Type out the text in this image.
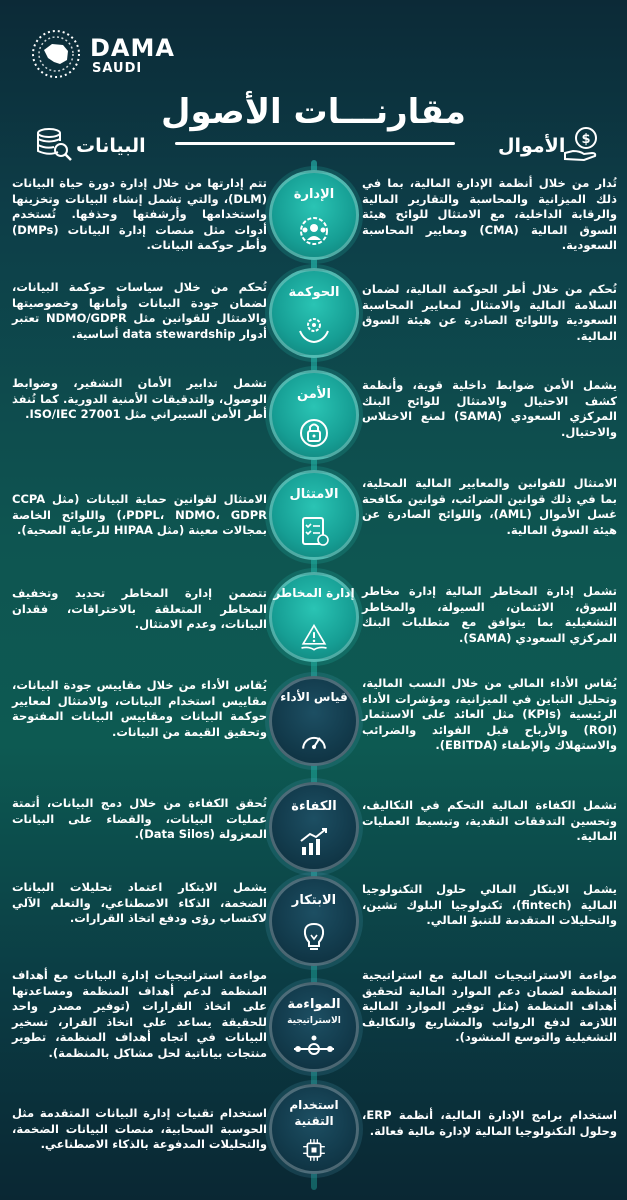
DAMA
SAUDI
مقارنـــات الأصول
الأموال $
البيانات
تُدار من خلال أنظمة الإدارة المالية، بما في ذلك الميزانية والمحاسبة والتقارير المالية والرقابة الداخلية، مع الامتثال للوائح هيئة السوق المالية (CMA) ومعايير المحاسبة السعودية.
الإدارة
تتم إدارتها من خلال إدارة دورة حياة البيانات (DLM)، والتي تشمل إنشاء البيانات وتخزينها واستخدامها وأرشفتها وحذفها. تُستخدم أدوات مثل منصات إدارة البيانات (DMPs) وأطر حوكمة البيانات.
تُحكم من خلال أطر الحوكمة المالية، لضمان السلامة المالية والامتثال لمعايير المحاسبة السعودية واللوائح الصادرة عن هيئة السوق المالية.
الحوكمة
تُحكم من خلال سياسات حوكمة البيانات، لضمان جودة البيانات وأمانها وخصوصيتها والامتثال للقوانين مثل NDMO/GDPR تعتبر أدوار data stewardship أساسية.
يشمل الأمن ضوابط داخلية قوية، وأنظمة كشف الاحتيال والامتثال للوائح البنك المركزي السعودي (SAMA) لمنع الاختلاس والاحتيال.
الأمن
تشمل تدابير الأمان التشفير، وضوابط الوصول، والتدقيقات الأمنية الدورية. كما تُنفذ أطر الأمن السيبراني مثل ISO/IEC 27001.
الامتثال للقوانين والمعايير المالية المحلية، بما في ذلك قوانين الضرائب، قوانين مكافحة غسل الأموال (AML)، واللوائح الصادرة عن هيئة السوق المالية.
الامتثال
الامتثال لقوانين حماية البيانات (مثل CCPA ،PDPL، NDMO، GDPR) واللوائح الخاصة بمجالات معينة (مثل HIPAA للرعاية الصحية).
تشمل إدارة المخاطر المالية إدارة مخاطر السوق، الائتمان، السيولة، والمخاطر التشغيلية بما يتوافق مع متطلبات البنك المركزي السعودي (SAMA).
إدارة المخاطر
تتضمن إدارة المخاطر تحديد وتخفيف المخاطر المتعلقة بالاختراقات، فقدان البيانات، وعدم الامتثال.
يُقاس الأداء المالي من خلال النسب المالية، وتحليل التباين في الميزانية، ومؤشرات الأداء الرئيسية (KPIs) مثل العائد على الاستثمار (ROI) والأرباح قبل الفوائد والضرائب والاستهلاك والإطفاء (EBITDA).
قياس الأداء
يُقاس الأداء من خلال مقاييس جودة البيانات، مقاييس استخدام البيانات، والامتثال لمعايير حوكمة البيانات ومقاييس البيانات المفتوحة وتحقيق القيمة من البيانات.
تشمل الكفاءة المالية التحكم في التكاليف، وتحسين التدفقات النقدية، وتبسيط العمليات المالية.
الكفاءة
تُحقق الكفاءة من خلال دمج البيانات، أتمتة عمليات البيانات، والقضاء على البيانات المعزولة (Data Silos).
يشمل الابتكار المالي حلول التكنولوجيا المالية (fintech)، تكنولوجيا البلوك تشين، والتحليلات المتقدمة للتنبؤ المالي.
الابتكار
يشمل الابتكار اعتماد تحليلات البيانات الضخمة، الذكاء الاصطناعي، والتعلم الآلي لاكتساب رؤى ودفع اتخاذ القرارات.
مواءمة الاستراتيجيات المالية مع استراتيجية المنظمة لضمان دعم الموارد المالية لتحقيق أهداف المنظمة (مثل توفير الموارد المالية اللازمة لدفع الرواتب والمشاريع والتكاليف التشغيلية والتوسع المنشود).
المواءمة
الاستراتيجية
مواءمة استراتيجيات إدارة البيانات مع أهداف المنظمة لدعم أهداف المنظمة ومساعدتها على اتخاذ القرارات (توفير مصدر واحد للحقيقة يساعد على اتخاذ القرار، تسخير البيانات في اتجاه أهداف المنظمة، تطوير منتجات بياناتية لحل مشاكل بالمنظمة).
استخدام برامج الإدارة المالية، أنظمة ERP، وحلول التكنولوجيا المالية لإدارة مالية فعالة.
استخدام التقنية
استخدام تقنيات إدارة البيانات المتقدمة مثل الحوسبة السحابية، منصات البيانات الضخمة، والتحليلات المدفوعة بالذكاء الاصطناعي.
